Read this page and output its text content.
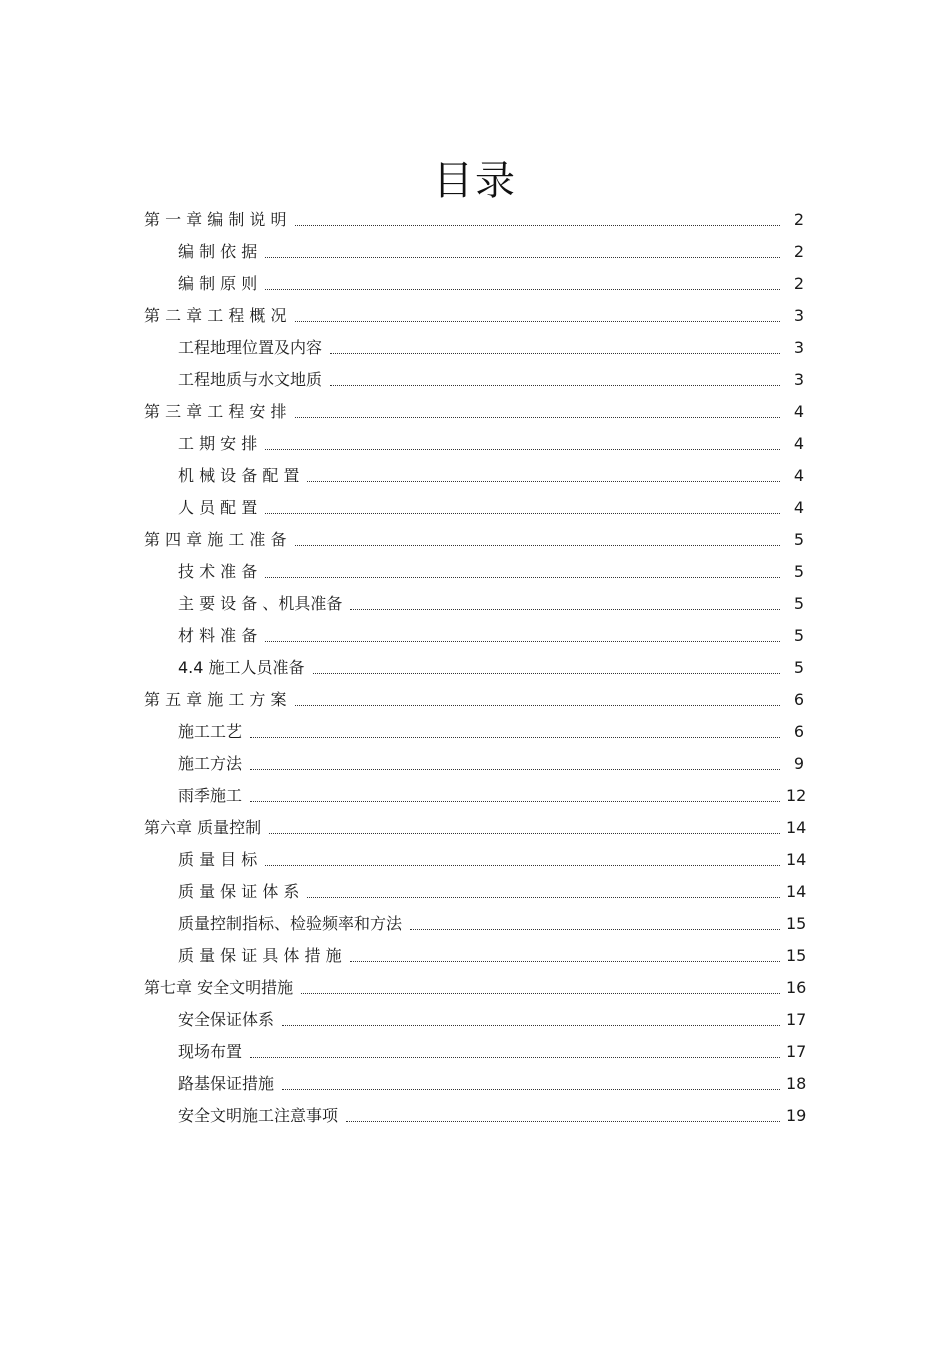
目录
第 一 章 编 制 说 明	2
编 制 依 据	2
编 制 原 则	2
第 二 章 工 程 概 况	3
工程地理位置及内容	3
工程地质与水文地质	3
第 三 章 工 程 安 排	4
工 期 安 排	4
机 械 设 备 配 置	4
人 员 配 置	4
第 四 章 施 工 准 备	5
技 术 准 备	5
主 要 设 备 、机具准备	5
材 料 准 备	5
4.4 施工人员准备	5
第 五 章 施 工 方 案	6
施工工艺	6
施工方法	9
雨季施工	12
第六章 质量控制	14
质 量 目 标	14
质 量 保 证 体 系	14
质量控制指标、检验频率和方法	15
质 量 保 证 具 体 措 施	15
第七章 安全文明措施	16
安全保证体系	17
现场布置	17
路基保证措施	18
安全文明施工注意事项	19
